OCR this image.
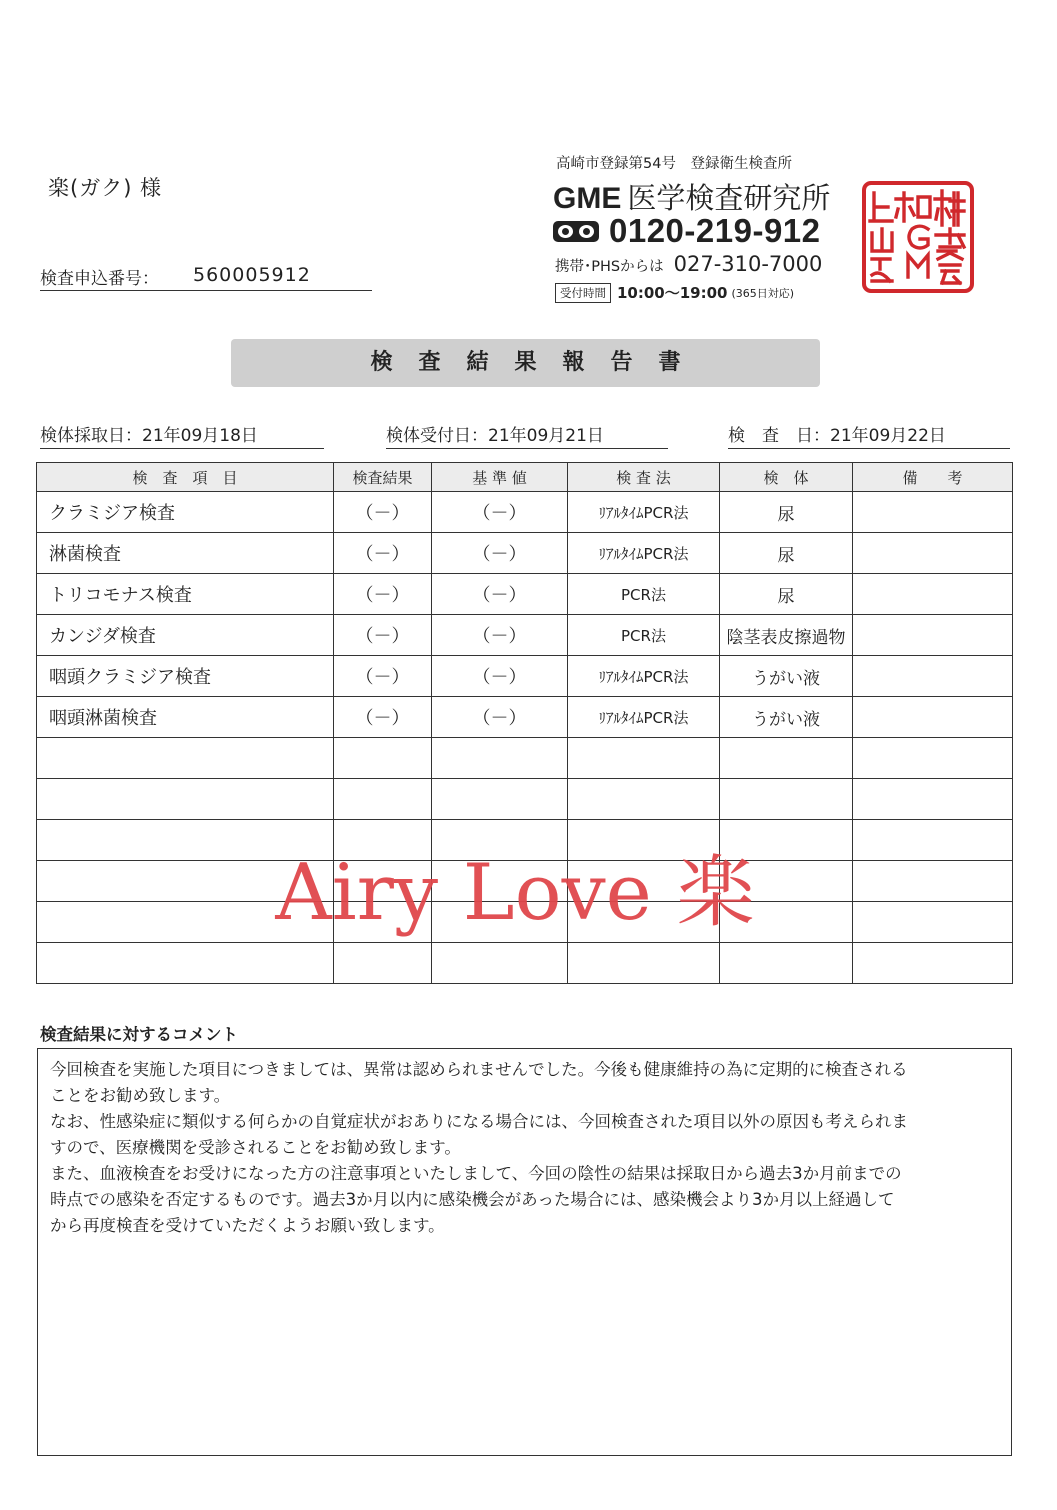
楽(ガク) 様
検査申込番号： 560005912
高崎市登録第54号　登録衛生検査所
GME 医学検査研究所
0120-219-912
携帯･PHSからは 027-310-7000
受付時間 10:00〜19:00 (365日対応)
検査結果報告書
検体採取日：21年09月18日	検体受付日：21年09月21日	検　査　日：21年09月22日
検　査　項　目	検査結果	基 準 値	検 査 法	検　体	備　　考
クラミジア検査	（－）	（－）	ﾘｱﾙﾀｲﾑPCR法	尿	
淋菌検査	（－）	（－）	ﾘｱﾙﾀｲﾑPCR法	尿	
トリコモナス検査	（－）	（－）	PCR法	尿	
カンジダ検査	（－）	（－）	PCR法	陰茎表皮擦過物	
咽頭クラミジア検査	（－）	（－）	ﾘｱﾙﾀｲﾑPCR法	うがい液	
咽頭淋菌検査	（－）	（－）	ﾘｱﾙﾀｲﾑPCR法	うがい液	

Airy Love 楽
検査結果に対するコメント

今回検査を実施した項目につきましては、異常は認められませんでした。今後も健康維持の為に定期的に検査される

ことをお勧め致します。

なお、性感染症に類似する何らかの自覚症状がおありになる場合には、今回検査された項目以外の原因も考えられま

すので、医療機関を受診されることをお勧め致します。

また、血液検査をお受けになった方の注意事項といたしまして、今回の陰性の結果は採取日から過去3か月前までの

時点での感染を否定するものです。過去3か月以内に感染機会があった場合には、感染機会より3か月以上経過して

から再度検査を受けていただくようお願い致します。
